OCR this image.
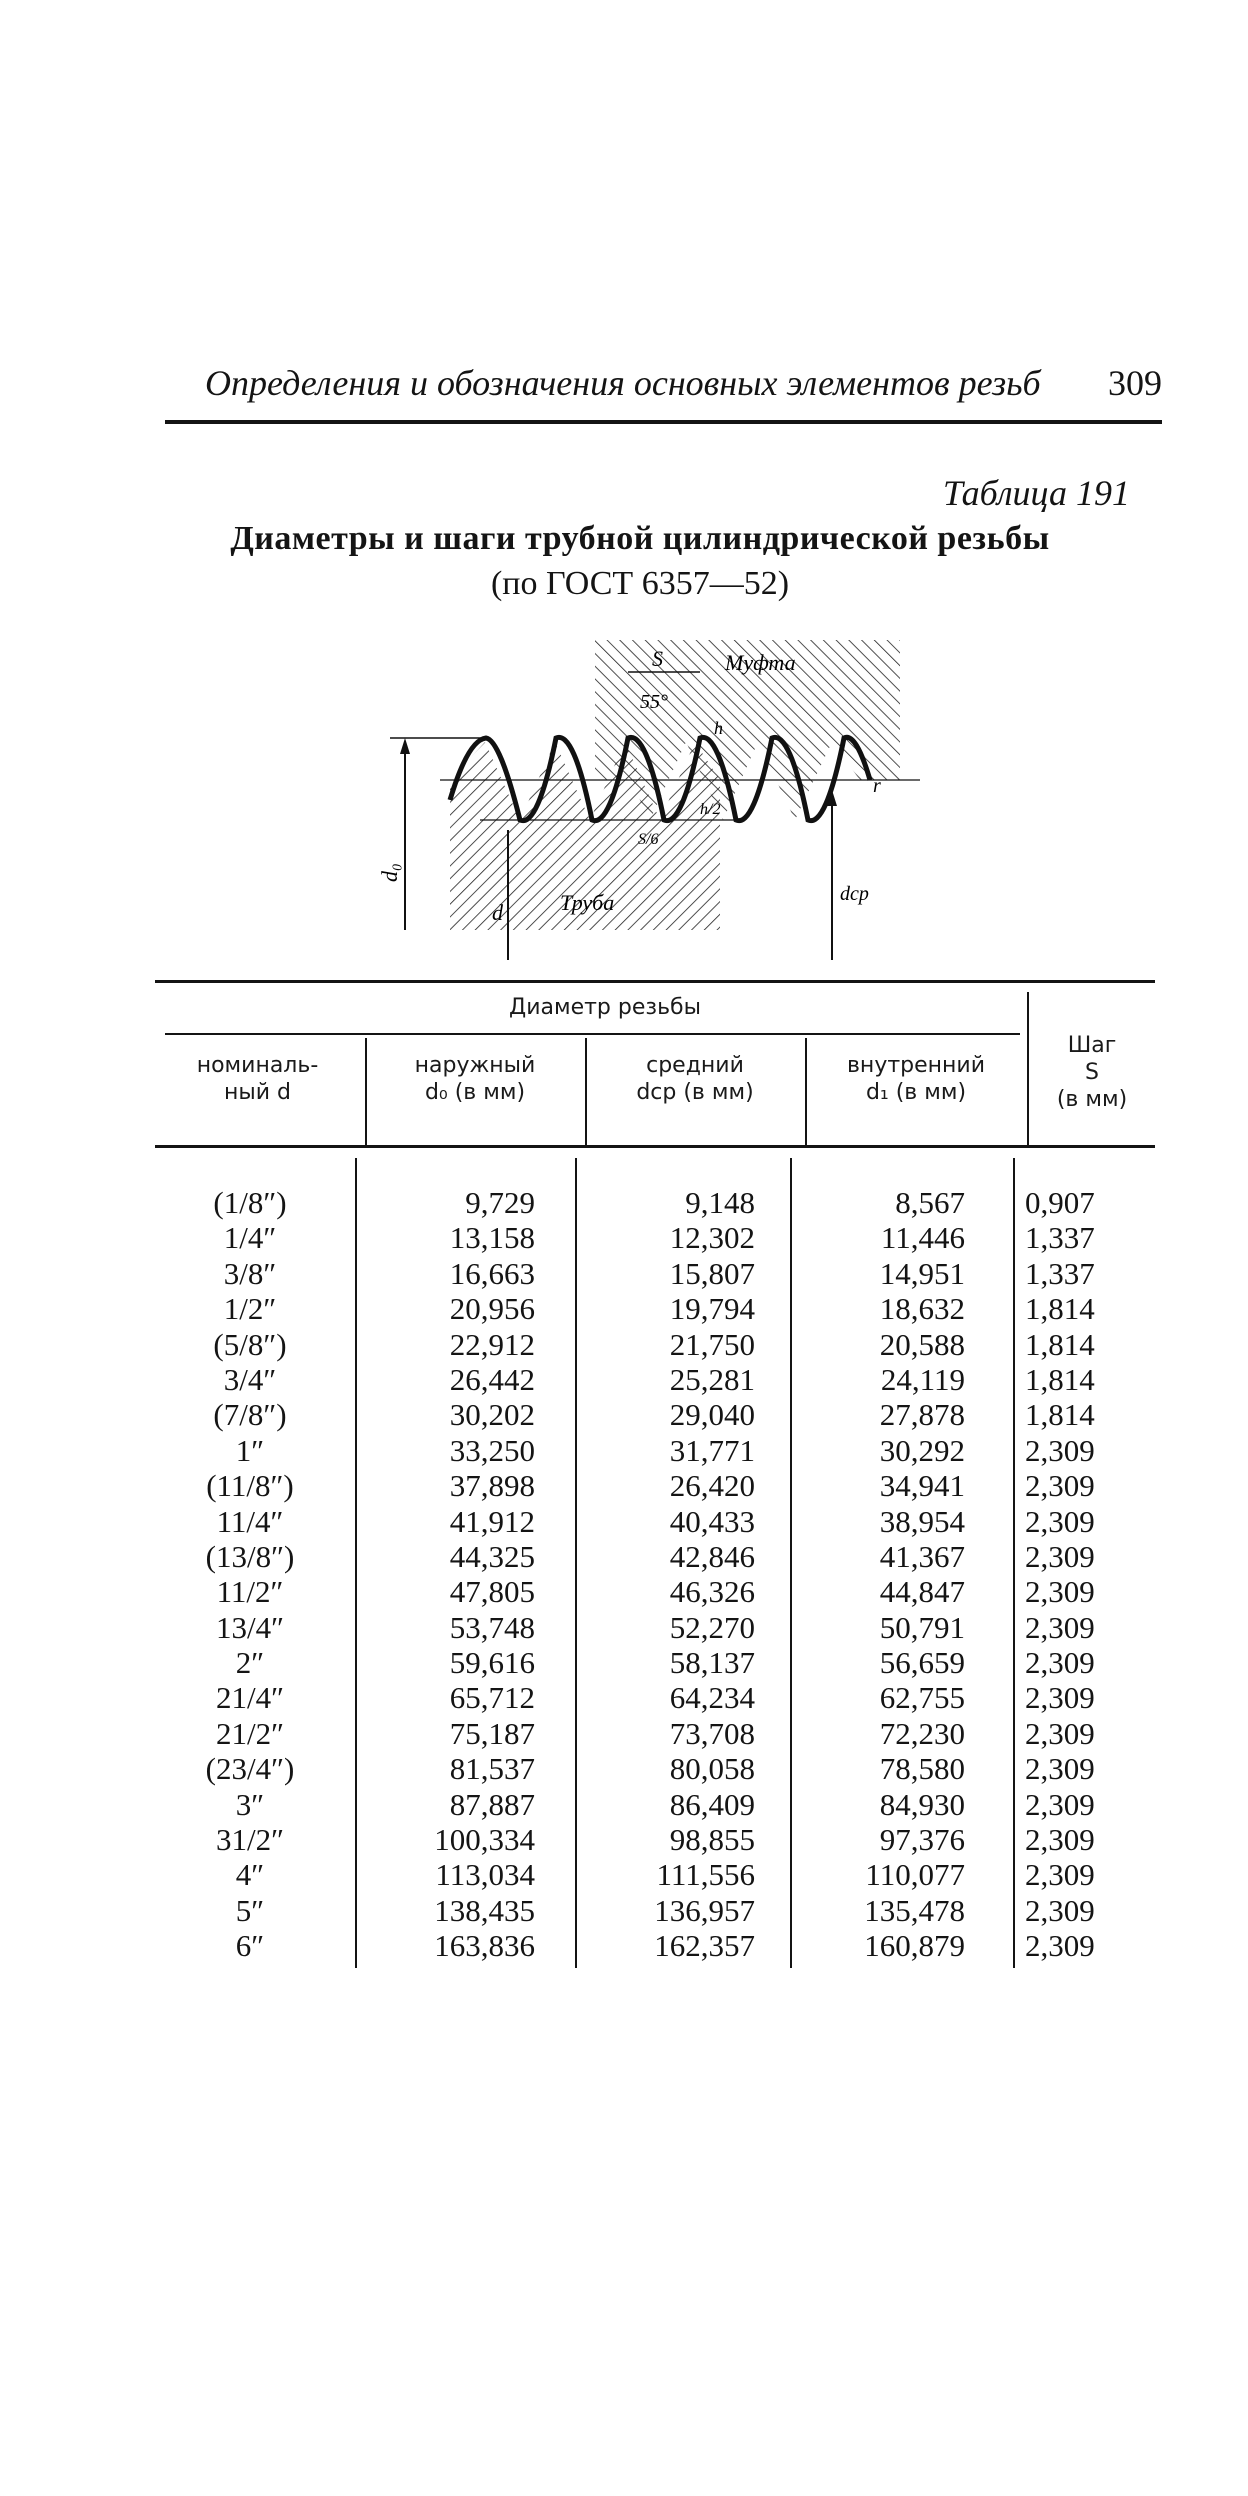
Определения и обозначения основных элементов резьб 309
Таблица 191
Диаметры и шаги трубной цилиндрической резьбы
(по ГОСТ 6357—52)
d₀
d
dср
S
55°
Муфта
Труба
r
h
h/2
S/6
Диаметр резьбы
номиналь-
ный d
наружный
d₀ (в мм)
средний
dср (в мм)
внутренний
d₁ (в мм)
Шаг
S
(в мм)
(1/8″)
1/4″
3/8″
1/2″
(5/8″)
3/4″
(7/8″)
1″
(11/8″)
11/4″
(13/8″)
11/2″
13/4″
2″
21/4″
21/2″
(23/4″)
3″
31/2″
4″
5″
6″
9,729
13,158
16,663
20,956
22,912
26,442
30,202
33,250
37,898
41,912
44,325
47,805
53,748
59,616
65,712
75,187
81,537
87,887
100,334
113,034
138,435
163,836
9,148
12,302
15,807
19,794
21,750
25,281
29,040
31,771
26,420
40,433
42,846
46,326
52,270
58,137
64,234
73,708
80,058
86,409
98,855
111,556
136,957
162,357
8,567
11,446
14,951
18,632
20,588
24,119
27,878
30,292
34,941
38,954
41,367
44,847
50,791
56,659
62,755
72,230
78,580
84,930
97,376
110,077
135,478
160,879
0,907
1,337
1,337
1,814
1,814
1,814
1,814
2,309
2,309
2,309
2,309
2,309
2,309
2,309
2,309
2,309
2,309
2,309
2,309
2,309
2,309
2,309
